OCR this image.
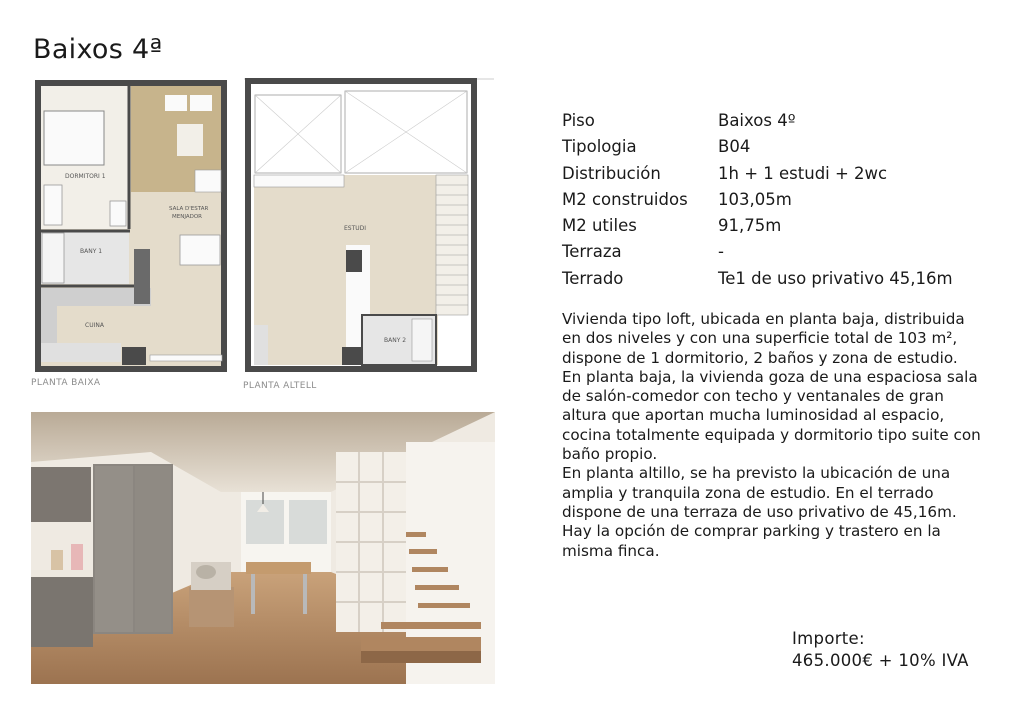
Baixos 4ª
DORMITORI 1
SALA D'ESTAR
MENJADOR
BANY 1
CUINA
PLANTA BAIXA
ESTUDI
BANY 2
PLANTA ALTELL
Piso	Baixos 4º
Tipologia	B04
Distribución	1h + 1 estudi + 2wc
M2 construidos	103,05m
M2 utiles	91,75m
Terraza	-
Terrado	Te1 de uso privativo 45,16m

Vivienda tipo loft, ubicada en planta baja, distribuida en dos niveles y con una superficie total de 103 m², dispone de 1 dormitorio, 2 baños y zona de estudio.

En planta baja, la vivienda goza de una espaciosa sala de salón-comedor con techo y ventanales de gran altura que aportan mucha luminosidad al espacio, cocina totalmente equipada y dormitorio tipo suite con baño propio.

En planta altillo, se ha previsto la ubicación de una amplia y tranquila zona de estudio. En el terrado dispone de una terraza de uso privativo de 45,16m.

Hay la opción de comprar parking y trastero en la misma finca.

Importe:
465.000€ + 10% IVA
